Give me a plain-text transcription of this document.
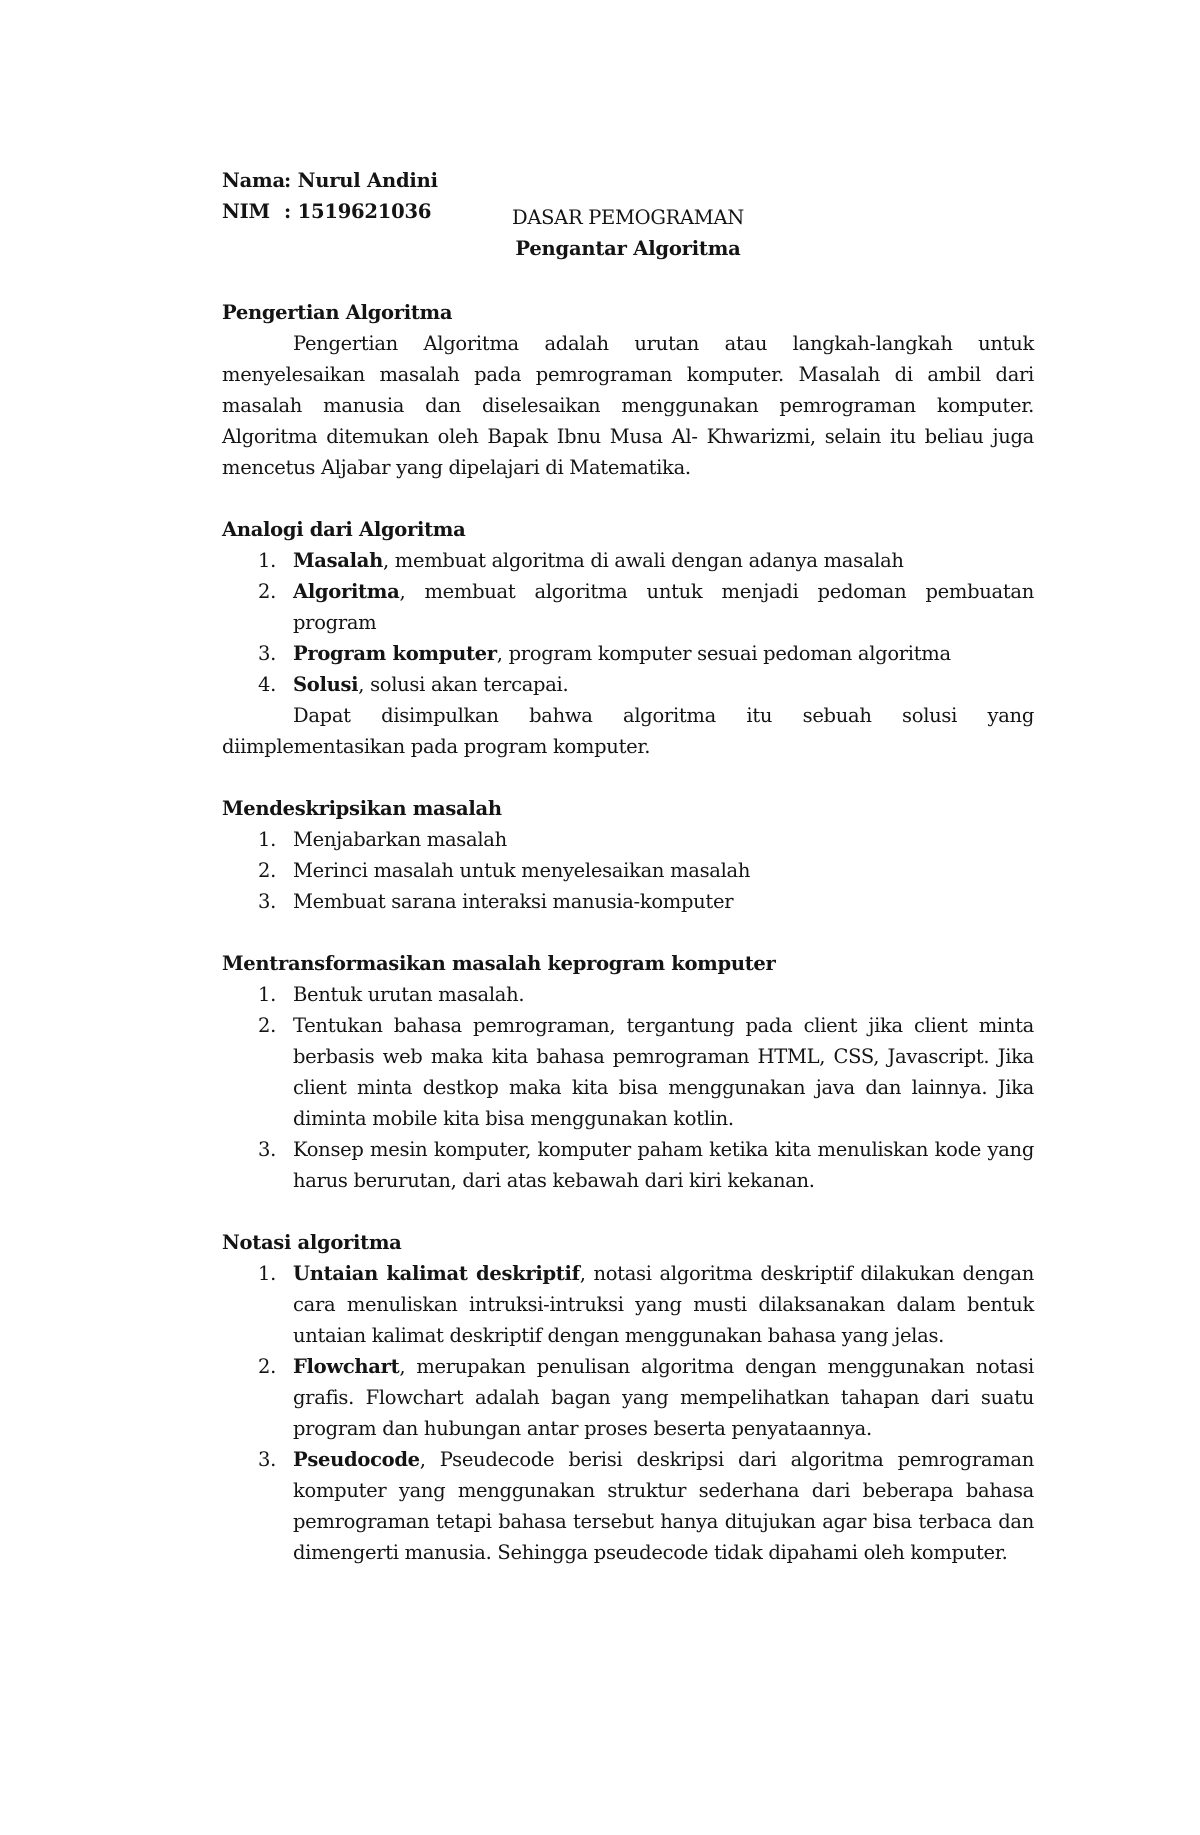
Nama : Nurul Andini
NIM : 1519621036	DASAR PEMOGRAMAN
Pengantar Algoritma
Pengertian Algoritma

Pengertian Algoritma adalah urutan atau langkah-langkah untuk menyelesaikan masalah pada pemrograman komputer. Masalah di ambil dari masalah manusia dan diselesaikan menggunakan pemrograman komputer. Algoritma ditemukan oleh Bapak Ibnu Musa Al- Khwarizmi, selain itu beliau juga mencetus Aljabar yang dipelajari di Matematika.

Analogi dari Algoritma
1. Masalah, membuat algoritma di awali dengan adanya masalah
2. Algoritma, membuat algoritma untuk menjadi pedoman pembuatan program
3. Program komputer, program komputer sesuai pedoman algoritma
4. Solusi, solusi akan tercapai.

Dapat disimpulkan bahwa algoritma itu sebuah solusi yang diimplementasikan pada program komputer.

Mendeskripsikan masalah
1. Menjabarkan masalah
2. Merinci masalah untuk menyelesaikan masalah
3. Membuat sarana interaksi manusia-komputer
Mentransformasikan masalah keprogram komputer
1. Bentuk urutan masalah.
2. Tentukan bahasa pemrograman, tergantung pada client jika client minta berbasis web maka kita bahasa pemrograman HTML, CSS, Javascript. Jika client minta destkop maka kita bisa menggunakan java dan lainnya. Jika diminta mobile kita bisa menggunakan kotlin.
3. Konsep mesin komputer, komputer paham ketika kita menuliskan kode yang harus berurutan, dari atas kebawah dari kiri kekanan.
Notasi algoritma
1. Untaian kalimat deskriptif, notasi algoritma deskriptif dilakukan dengan cara menuliskan intruksi-intruksi yang musti dilaksanakan dalam bentuk untaian kalimat deskriptif dengan menggunakan bahasa yang jelas.
2. Flowchart, merupakan penulisan algoritma dengan menggunakan notasi grafis. Flowchart adalah bagan yang mempelihatkan tahapan dari suatu program dan hubungan antar proses beserta penyataannya.
3. Pseudocode, Pseudecode berisi deskripsi dari algoritma pemrograman komputer yang menggunakan struktur sederhana dari beberapa bahasa pemrograman tetapi bahasa tersebut hanya ditujukan agar bisa terbaca dan dimengerti manusia. Sehingga pseudecode tidak dipahami oleh komputer.
